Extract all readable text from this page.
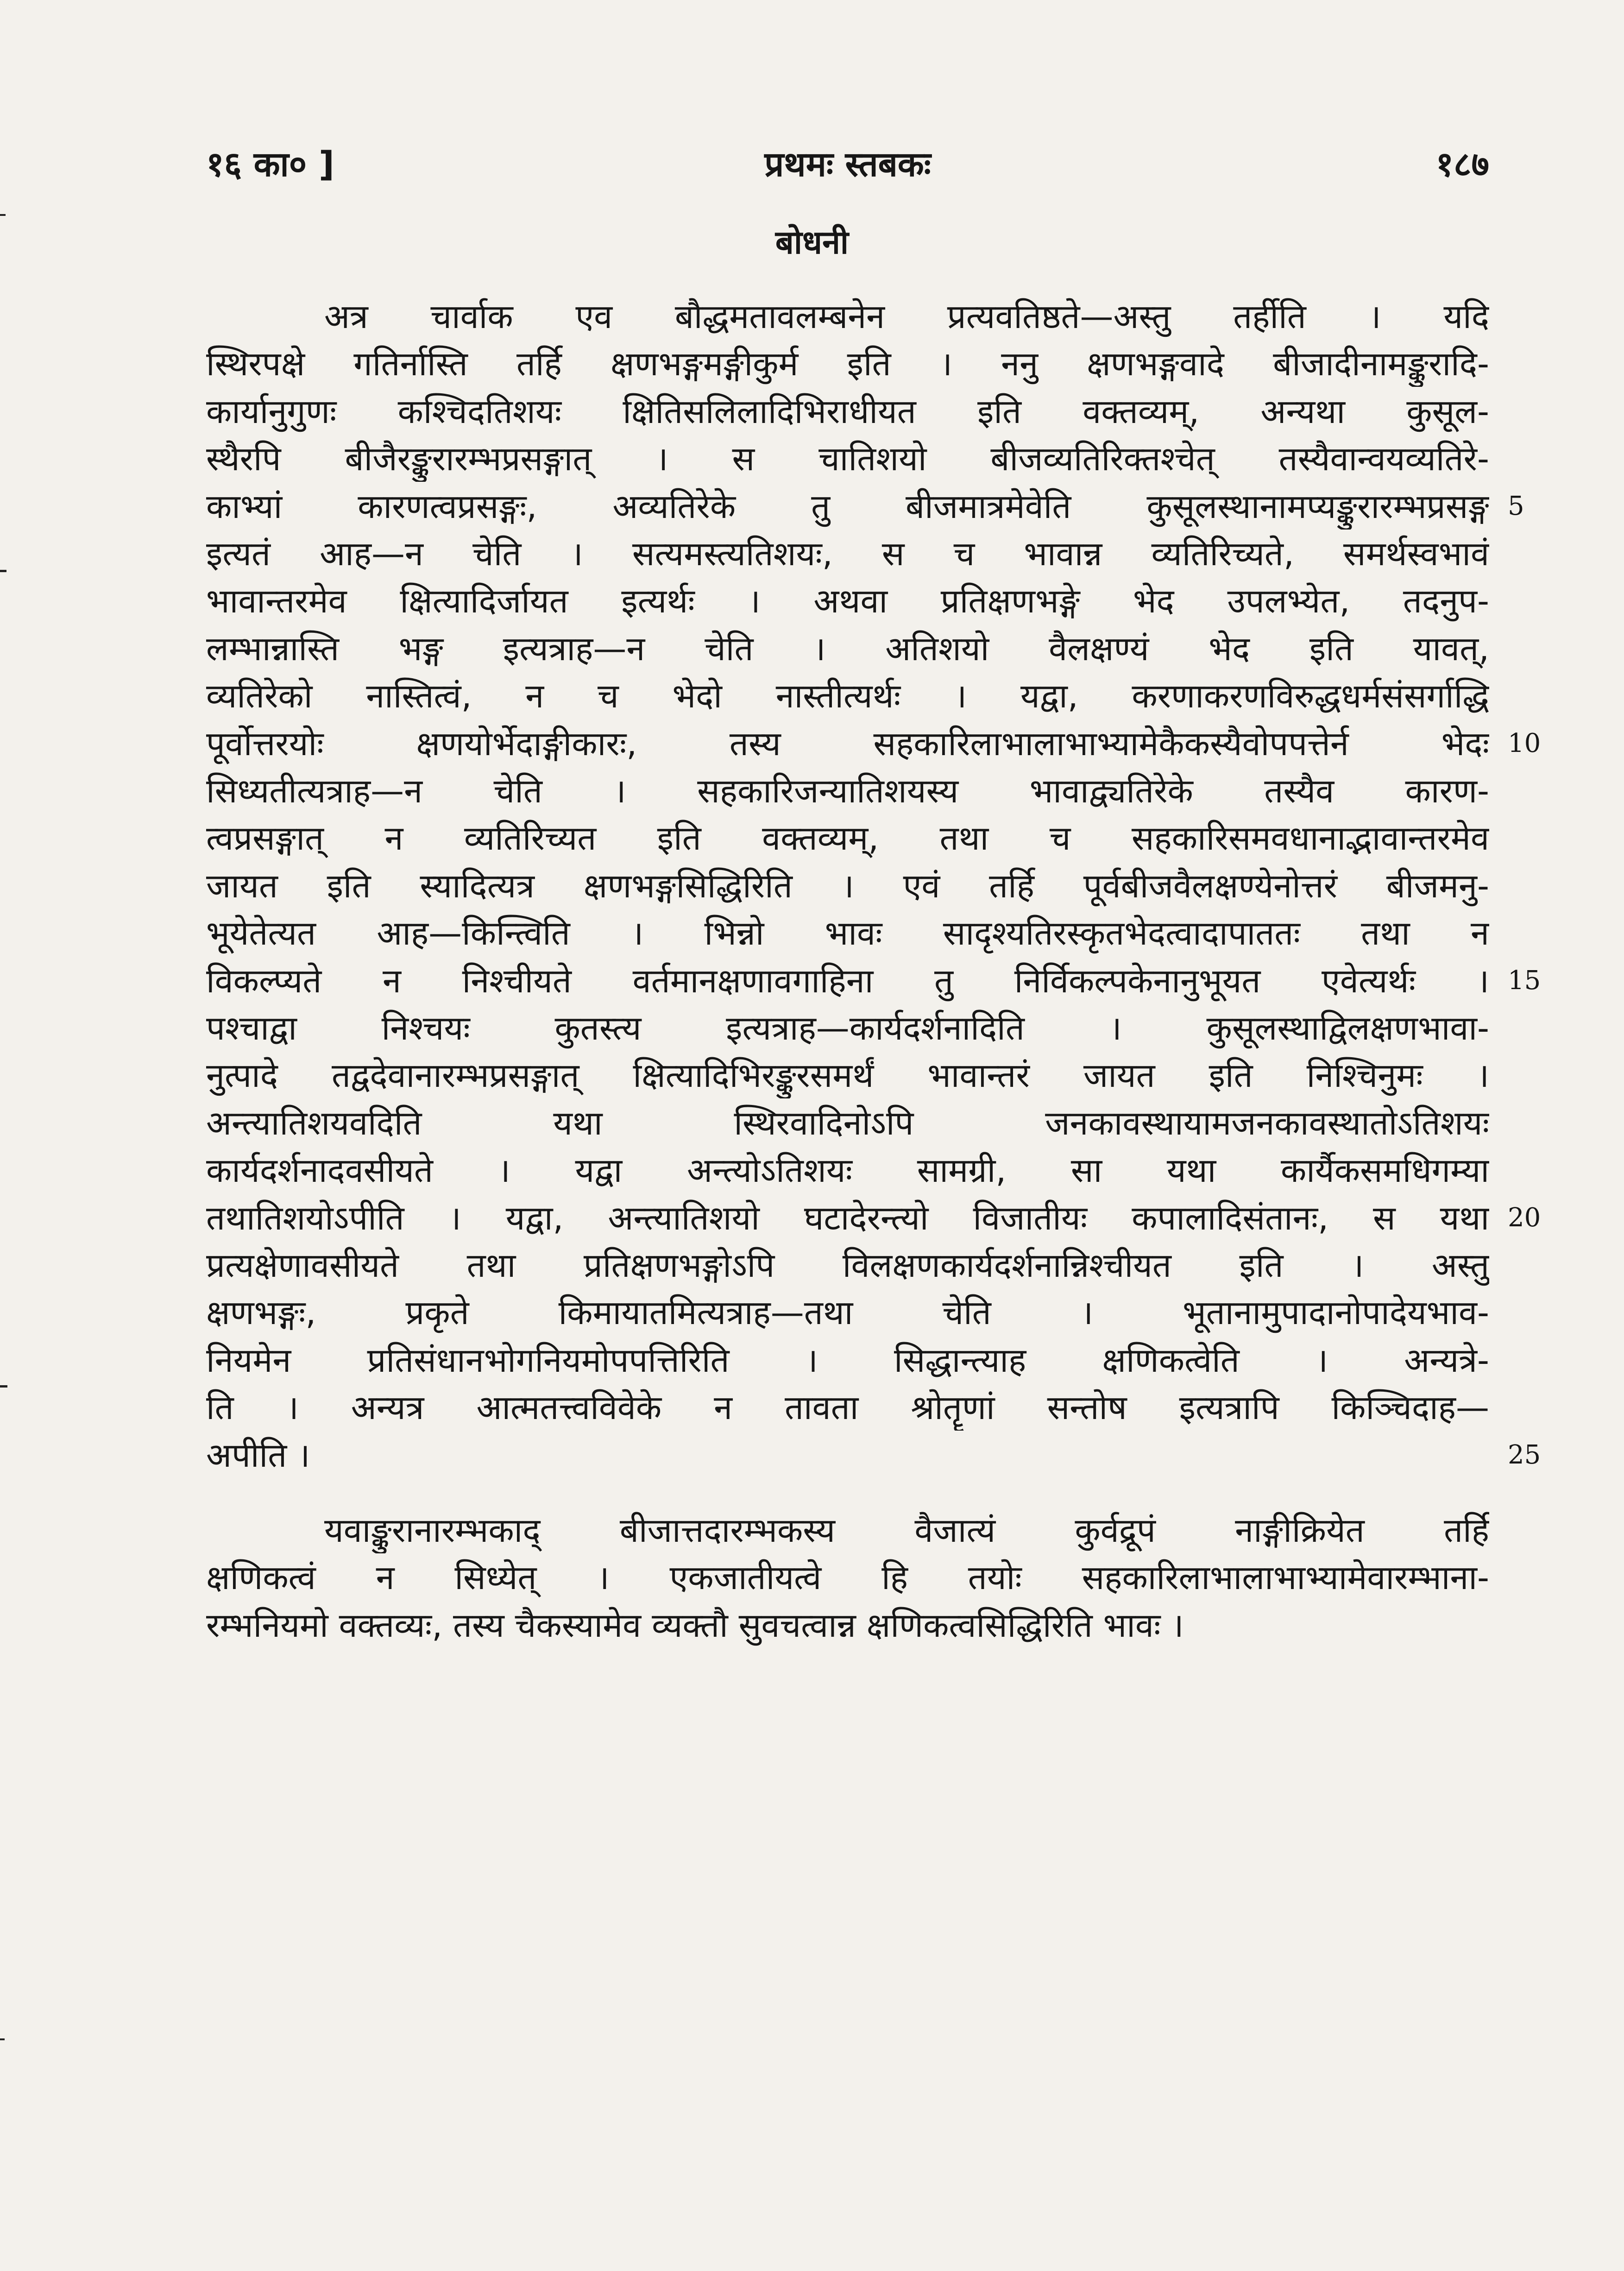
प्रथमः स्तबकः
१६ का० ]	१८७
बोधनी
अत्र चार्वाक एव बौद्धमतावलम्बनेन प्रत्यवतिष्ठते—अस्तु तर्हीति । यदि
स्थिरपक्षे गतिर्नास्ति तर्हि क्षणभङ्गमङ्गीकुर्म इति । ननु क्षणभङ्गवादे बीजादीनामङ्कुरादि-
कार्यानुगुणः कश्चिदतिशयः क्षितिसलिलादिभिराधीयत इति वक्तव्यम्, अन्यथा कुसूल-
स्थैरपि बीजैरङ्कुरारम्भप्रसङ्गात् । स चातिशयो बीजव्यतिरिक्तश्चेत् तस्यैवान्वयव्यतिरे-
काभ्यां कारणत्वप्रसङ्गः, अव्यतिरेके तु बीजमात्रमेवेति कुसूलस्थानामप्यङ्कुरारम्भप्रसङ्ग
इत्यतं आह—न चेति । सत्यमस्त्यतिशयः, स च भावान्न व्यतिरिच्यते, समर्थस्वभावं
भावान्तरमेव क्षित्यादिर्जायत इत्यर्थः । अथवा प्रतिक्षणभङ्गे भेद उपलभ्येत, तदनुप-
लम्भान्नास्ति भङ्ग इत्यत्राह—न चेति । अतिशयो वैलक्षण्यं भेद इति यावत्,
व्यतिरेको नास्तित्वं, न च भेदो नास्तीत्यर्थः । यद्वा, करणाकरणविरुद्धधर्मसंसर्गाद्धि
पूर्वोत्तरयोः क्षणयोर्भेदाङ्गीकारः, तस्य सहकारिलाभालाभाभ्यामेकैकस्यैवोपपत्तेर्न भेदः
सिध्यतीत्यत्राह—न चेति । सहकारिजन्यातिशयस्य भावाद्व्यतिरेके तस्यैव कारण-
त्वप्रसङ्गात् न व्यतिरिच्यत इति वक्तव्यम्, तथा च सहकारिसमवधानाद्भावान्तरमेव
जायत इति स्यादित्यत्र क्षणभङ्गसिद्धिरिति । एवं तर्हि पूर्वबीजवैलक्षण्येनोत्तरं बीजमनु-
भूयेतेत्यत आह—किन्त्विति । भिन्नो भावः सादृश्यतिरस्कृतभेदत्वादापाततः तथा न
विकल्प्यते न निश्चीयते वर्तमानक्षणावगाहिना तु निर्विकल्पकेनानुभूयत एवेत्यर्थः ।
पश्चाद्वा निश्चयः कुतस्त्य इत्यत्राह—कार्यदर्शनादिति । कुसूलस्थाद्विलक्षणभावा-
नुत्पादे तद्वदेवानारम्भप्रसङ्गात् क्षित्यादिभिरङ्कुरसमर्थं भावान्तरं जायत इति निश्चिनुमः ।
अन्त्यातिशयवदिति यथा स्थिरवादिनोऽपि जनकावस्थायामजनकावस्थातोऽतिशयः
कार्यदर्शनादवसीयते । यद्वा अन्त्योऽतिशयः सामग्री, सा यथा कार्यैकसमधिगम्या
तथातिशयोऽपीति । यद्वा, अन्त्यातिशयो घटादेरन्त्यो विजातीयः कपालादिसंतानः, स यथा
प्रत्यक्षेणावसीयते तथा प्रतिक्षणभङ्गोऽपि विलक्षणकार्यदर्शनान्निश्चीयत इति । अस्तु
क्षणभङ्गः, प्रकृते किमायातमित्यत्राह—तथा चेति । भूतानामुपादानोपादेयभाव-
नियमेन प्रतिसंधानभोगनियमोपपत्तिरिति । सिद्धान्त्याह क्षणिकत्वेति । अन्यत्रे-
ति । अन्यत्र आत्मतत्त्वविवेके न तावता श्रोतॄणां सन्तोष इत्यत्रापि किञ्चिदाह—
अपीति ।
यवाङ्कुरानारम्भकाद् बीजात्तदारम्भकस्य वैजात्यं कुर्वद्रूपं नाङ्गीक्रियेत तर्हि
क्षणिकत्वं न सिध्येत् । एकजातीयत्वे हि तयोः सहकारिलाभालाभाभ्यामेवारम्भाना-
रम्भनियमो वक्तव्यः, तस्य चैकस्यामेव व्यक्तौ सुवचत्वान्न क्षणिकत्वसिद्धिरिति भावः ।
5
10
15
20
25
